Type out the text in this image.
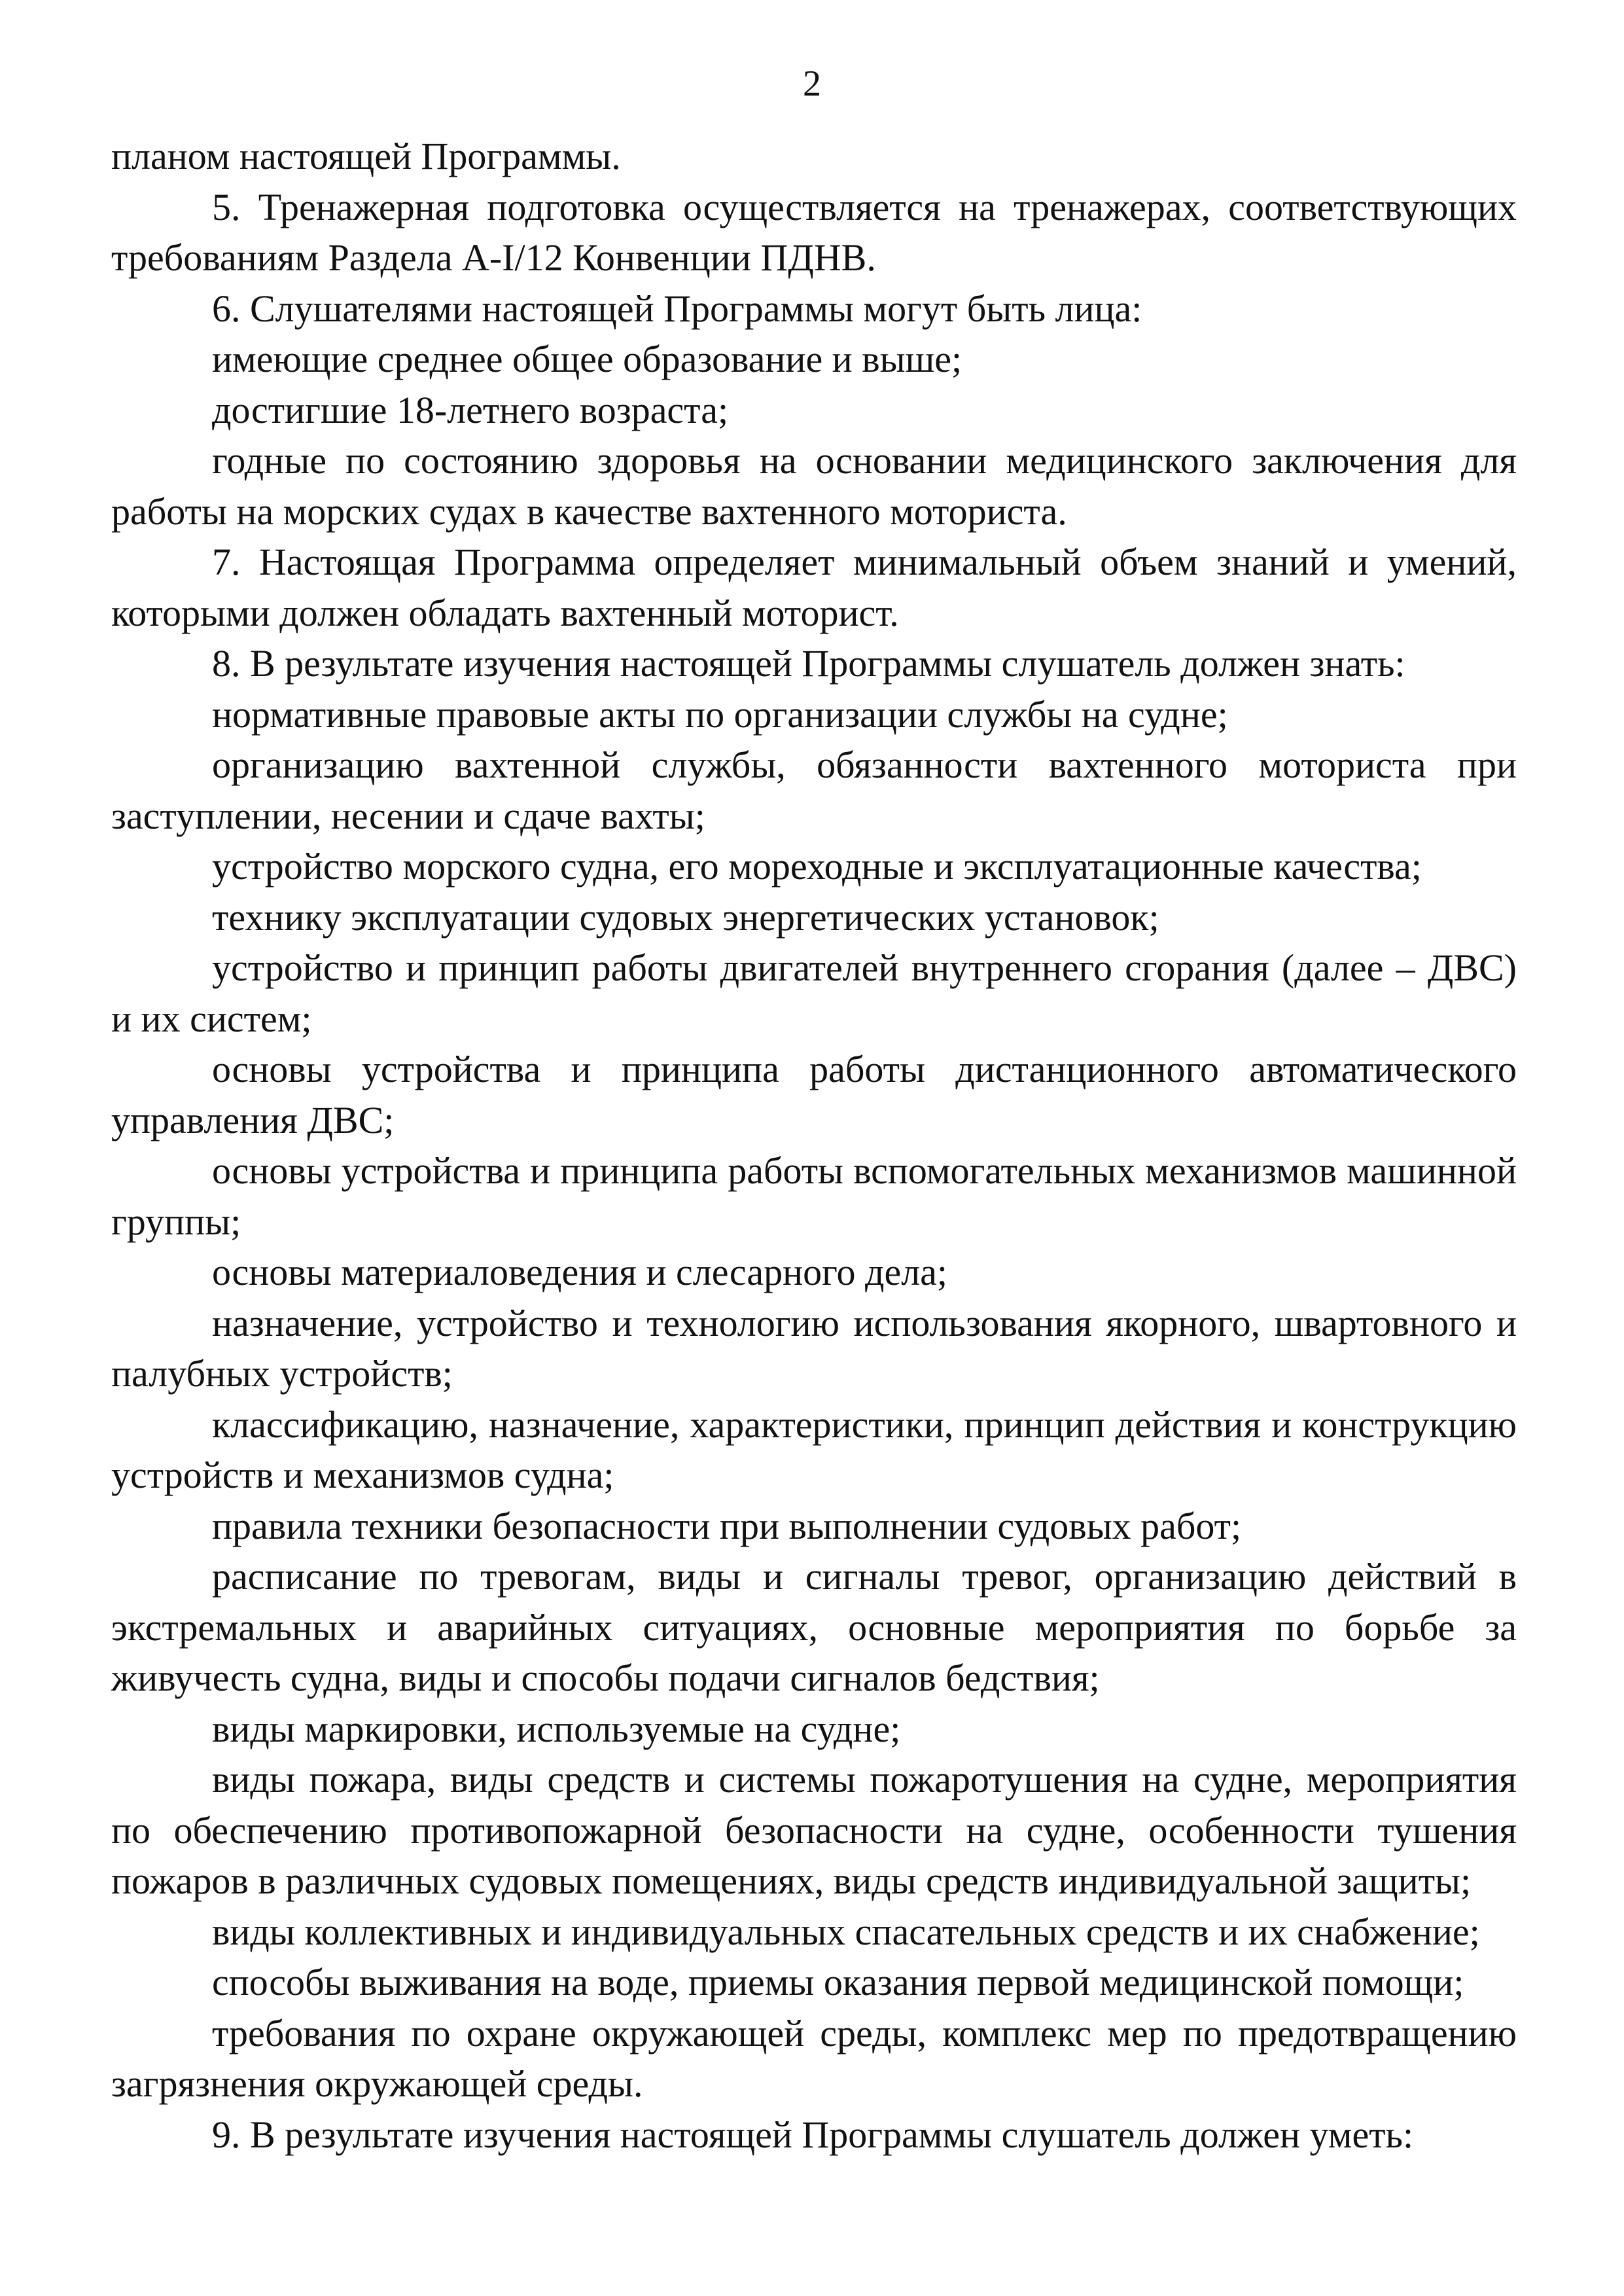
2

планом настоящей Программы.

5. Тренажерная подготовка осуществляется на тренажерах, соответствующих требованиям Раздела А-I/12 Конвенции ПДНВ.

6. Слушателями настоящей Программы могут быть лица:

имеющие среднее общее образование и выше;

достигшие 18-летнего возраста;

годные по состоянию здоровья на основании медицинского заключения для работы на морских судах в качестве вахтенного моториста.

7. Настоящая Программа определяет минимальный объем знаний и умений, которыми должен обладать вахтенный моторист.

8. В результате изучения настоящей Программы слушатель должен знать:

нормативные правовые акты по организации службы на судне;

организацию вахтенной службы, обязанности вахтенного моториста при заступлении, несении и сдаче вахты;

устройство морского судна, его мореходные и эксплуатационные качества;

технику эксплуатации судовых энергетических установок;

устройство и принцип работы двигателей внутреннего сгорания (далее – ДВС) и их систем;

основы устройства и принципа работы дистанционного автоматического управления ДВС;

основы устройства и принципа работы вспомогательных механизмов машинной группы;

основы материаловедения и слесарного дела;

назначение, устройство и технологию использования якорного, швартовного и палубных устройств;

классификацию, назначение, характеристики, принцип действия и конструкцию устройств и механизмов судна;

правила техники безопасности при выполнении судовых работ;

расписание по тревогам, виды и сигналы тревог, организацию действий в экстремальных и аварийных ситуациях, основные мероприятия по борьбе за живучесть судна, виды и способы подачи сигналов бедствия;

виды маркировки, используемые на судне;

виды пожара, виды средств и системы пожаротушения на судне, мероприятия по обеспечению противопожарной безопасности на судне, особенности тушения пожаров в различных судовых помещениях, виды средств индивидуальной защиты;

виды коллективных и индивидуальных спасательных средств и их снабжение;

способы выживания на воде, приемы оказания первой медицинской помощи;

требования по охране окружающей среды, комплекс мер по предотвращению загрязнения окружающей среды.

9. В результате изучения настоящей Программы слушатель должен уметь:
